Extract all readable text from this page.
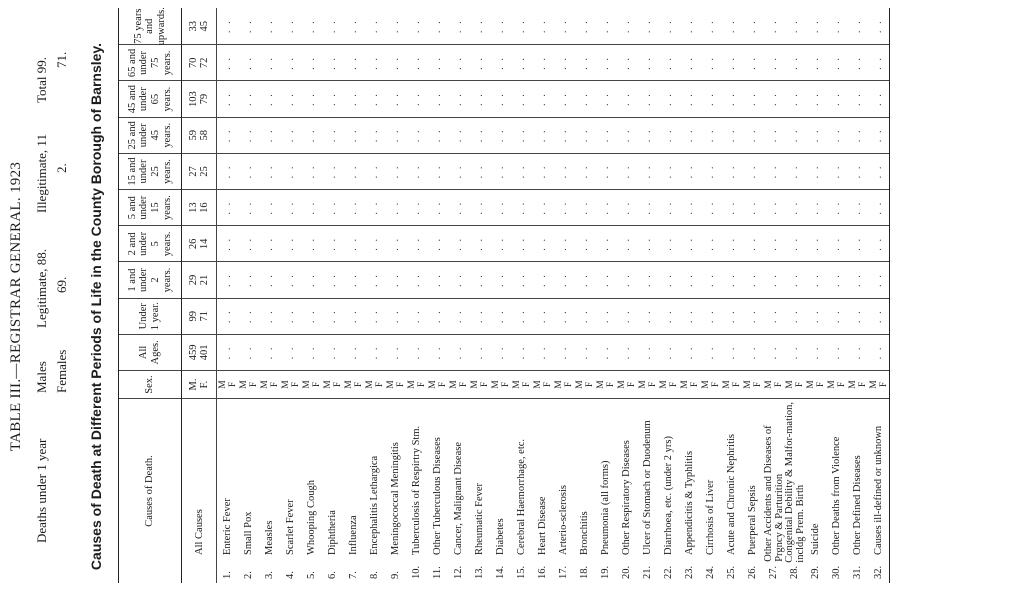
TABLE III.—REGISTRAR GENERAL. 1923
Deaths under 1 year
Males
Legitimate, 88.
Illegitimate, 11
Total 99.
Females
69.
2.
71. Causes of Death at Different Periods of Life in the County Borough of Barnsley.	Causes of Death.
Sex.
All Ages.
Under 1 year.
1 and under 2 years.
2 and under 5 years.
5 and under 15 years.
15 and under 25 years.
25 and under 45 years.
45 and under 65 years.
65 and under 75 years.
75 years and upwards.
All Causes
M. F.
459 401
99 71
29 21
26 14
13 16
27 25
59 58
103 79
70 72
33 45
1.
Enteric Fever
M F
. .
. .
. .
. .
. .
. .
. .
. .
. .
. .
2.
Small Pox
M F
. .
. .
. .
. .
. .
. .
. .
. .
. .
. .
3.
Measles
M F
. .
. .
. .
. .
. .
. .
. .
. .
. .
. .
4.
Scarlet Fever
M F
. .
. .
. .
. .
. .
. .
. .
. .
. .
. .
5.
Whooping Cough
M F
. .
. .
. .
. .
. .
. .
. .
. .
. .
. .
6.
Diphtheria
M F
. .
. .
. .
. .
. .
. .
. .
. .
. .
. .
7.
Influenza
M F
. .
. .
. .
. .
. .
. .
. .
. .
. .
. .
8.
Encephalitis Lethargica
M F
. .
. .
. .
. .
. .
. .
. .
. .
. .
. .
9.
Meningococcal Meningitis
M F
. .
. .
. .
. .
. .
. .
. .
. .
. .
. .
10.
Tuberculosis of Respirtry Stm.
M F
. .
. .
. .
. .
. .
. .
. .
. .
. .
. .
11.
Other Tuberculous Diseases
M F
. .
. .
. .
. .
. .
. .
. .
. .
. .
. .
12.
Cancer, Malignant Disease
M F
. .
. .
. .
. .
. .
. .
. .
. .
. .
. .
13.
Rheumatic Fever
M F
. .
. .
. .
. .
. .
. .
. .
. .
. .
. .
14.
Diabetes
M F
. .
. .
. .
. .
. .
. .
. .
. .
. .
. .
15.
Cerebral Haemorrhage, etc.
M F
. .
. .
. .
. .
. .
. .
. .
. .
. .
. .
16.
Heart Disease
M F
. .
. .
. .
. .
. .
. .
. .
. .
. .
. .
17.
Arterio-sclerosis
M F
. .
. .
. .
. .
. .
. .
. .
. .
. .
. .
18.
Bronchitis
M F
. .
. .
. .
. .
. .
. .
. .
. .
. .
. .
19.
Pneumonia (all forms)
M F
. .
. .
. .
. .
. .
. .
. .
. .
. .
. .
20.
Other Respiratory Diseases
M F
. .
. .
. .
. .
. .
. .
. .
. .
. .
. .
21.
Ulcer of Stomach or Duodenum
M F
. .
. .
. .
. .
. .
. .
. .
. .
. .
. .
22.
Diarrhoea, etc. (under 2 yrs)
M F
. .
. .
. .
. .
. .
. .
. .
. .
. .
. .
23.
Appendicitis & Typhlitis
M F
. .
. .
. .
. .
. .
. .
. .
. .
. .
. .
24.
Cirrhosis of Liver
M F
. .
. .
. .
. .
. .
. .
. .
. .
. .
. .
25.
Acute and Chronic Nephritis
M F
. .
. .
. .
. .
. .
. .
. .
. .
. .
. .
26.
Puerperal Sepsis
M F
. .
. .
. .
. .
. .
. .
. .
. .
. .
. .
27.
Other Accidents and Diseases of Prgncy & Parturition
M F
. .
. .
. .
. .
. .
. .
. .
. .
. .
. .
28.
Congenital Debility & Malfor-mation, incldg Prem. Birth
M F
. .
. .
. .
. .
. .
. .
. .
. .
. .
. .
29.
Suicide
M F
. .
. .
. .
. .
. .
. .
. .
. .
. .
. .
30.
Other Deaths from Violence
M F
. .
. .
. .
. .
. .
. .
. .
. .
. .
. .
31.
Other Defined Diseases
M F
. .
. .
. .
. .
. .
. .
. .
. .
. .
. .
32.
Causes ill-defined or unknown
M F
. .
. .
. .
. .
. .
. .
. .
. .
. .
. .
